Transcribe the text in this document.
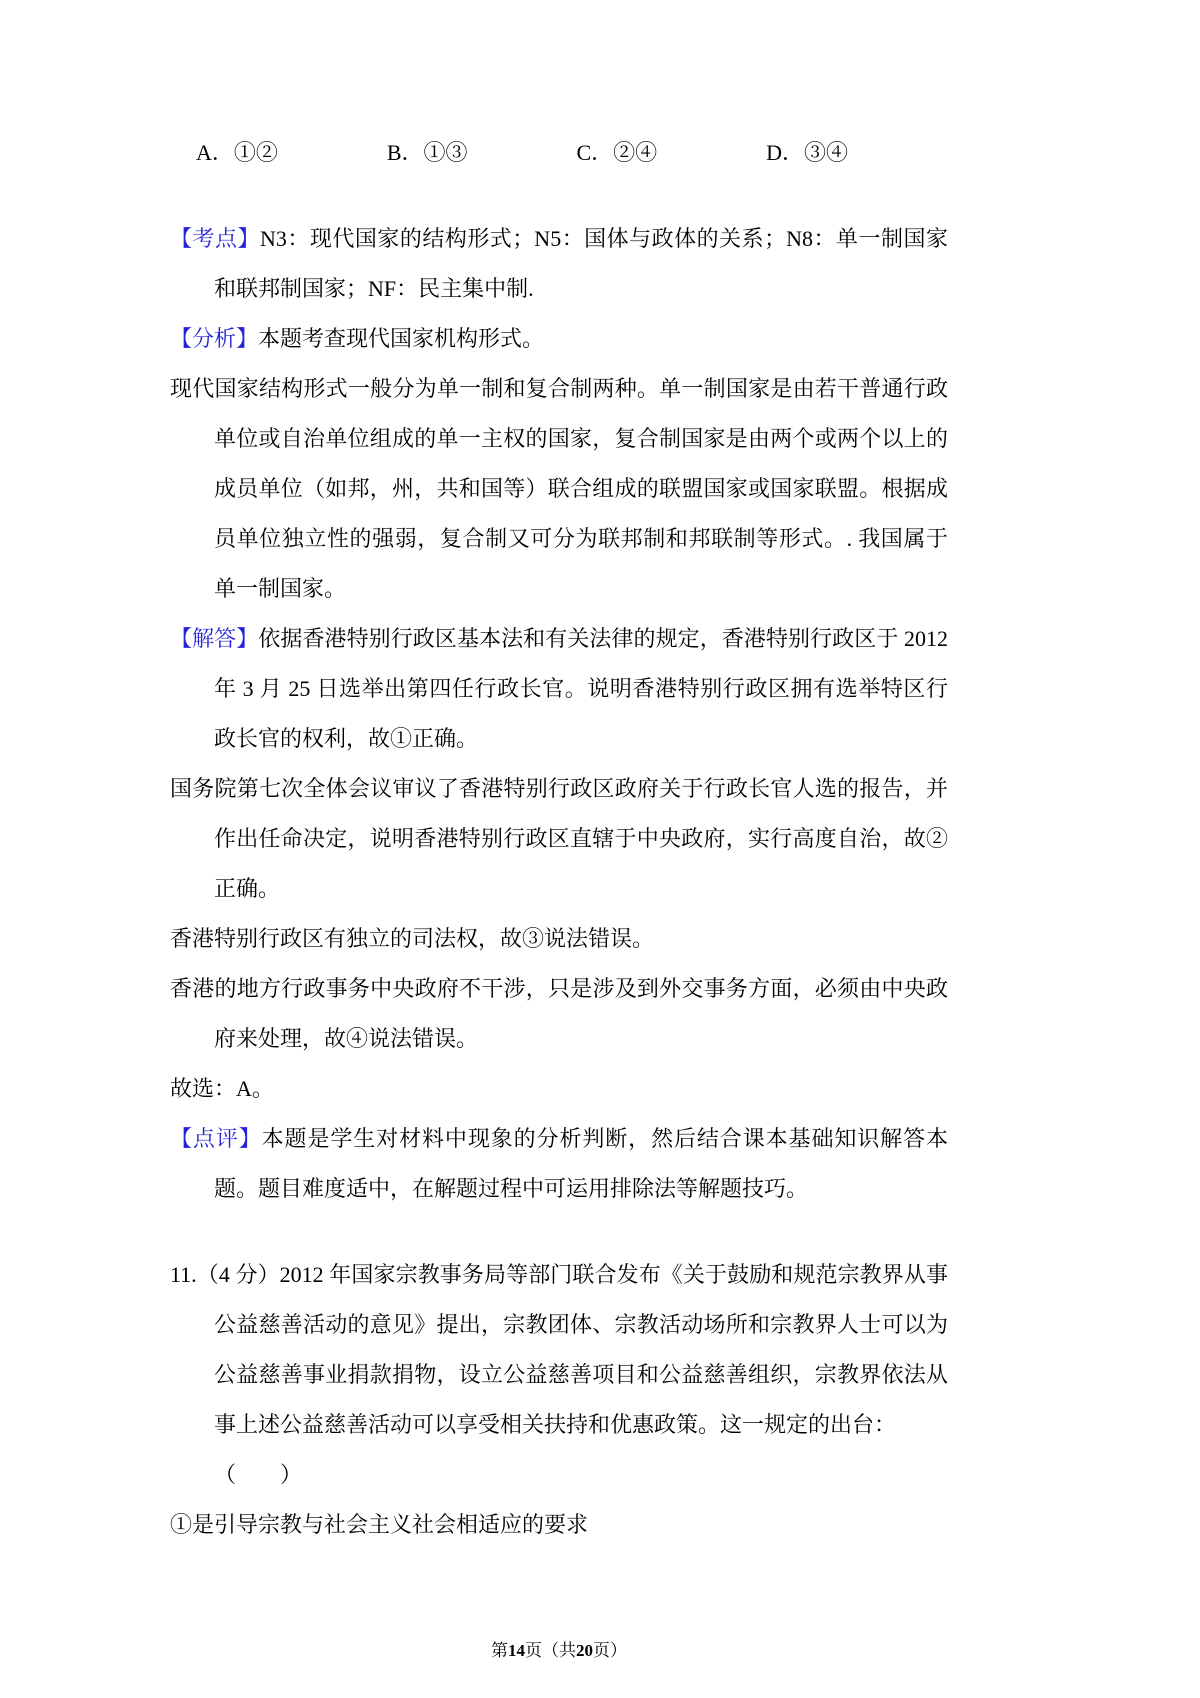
A．①②	B．①③	C．②④	D．③④
【考点】N3：现代国家的结构形式；N5：国体与政体的关系；N8：单一制国家和联邦制国家；NF：民主集中制.
【分析】本题考查现代国家机构形式。
现代国家结构形式一般分为单一制和复合制两种。单一制国家是由若干普通行政单位或自治单位组成的单一主权的国家，复合制国家是由两个或两个以上的成员单位（如邦，州，共和国等）联合组成的联盟国家或国家联盟。根据成员单位独立性的强弱，复合制又可分为联邦制和邦联制等形式。. 我国属于单一制国家。
【解答】依据香港特别行政区基本法和有关法律的规定，香港特别行政区于 2012 年 3 月 25 日选举出第四任行政长官。说明香港特别行政区拥有选举特区行政长官的权利，故①正确。
国务院第七次全体会议审议了香港特别行政区政府关于行政长官人选的报告，并作出任命决定，说明香港特别行政区直辖于中央政府，实行高度自治，故②正确。
香港特别行政区有独立的司法权，故③说法错误。
香港的地方行政事务中央政府不干涉，只是涉及到外交事务方面，必须由中央政府来处理，故④说法错误。
故选：A。
【点评】本题是学生对材料中现象的分析判断，然后结合课本基础知识解答本题。题目难度适中，在解题过程中可运用排除法等解题技巧。
11.（4 分）2012 年国家宗教事务局等部门联合发布《关于鼓励和规范宗教界从事公益慈善活动的意见》提出，宗教团体、宗教活动场所和宗教界人士可以为公益慈善事业捐款捐物，设立公益慈善项目和公益慈善组织，宗教界依法从事上述公益慈善活动可以享受相关扶持和优惠政策。这一规定的出台：
（　　）
①是引导宗教与社会主义社会相适应的要求
第14页（共20页）
